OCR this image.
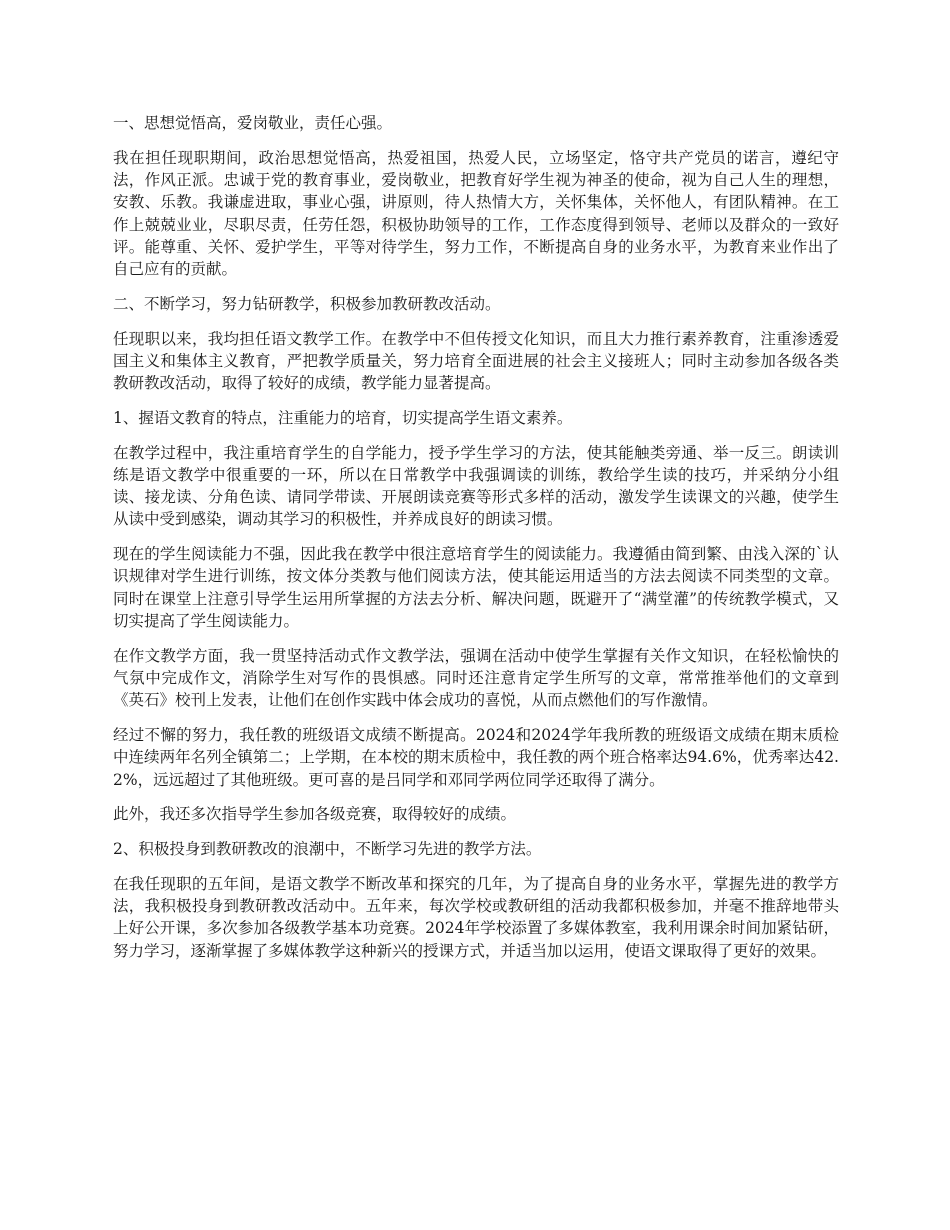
一、思想觉悟高，爱岗敬业，责任心强。

我在担任现职期间，政治思想觉悟高，热爱祖国，热爱人民，立场坚定，恪守共产党员的诺言，遵纪守法，作风正派。忠诚于党的教育事业，爱岗敬业，把教育好学生视为神圣的使命，视为自己人生的理想，安教、乐教。我谦虚进取，事业心强，讲原则，待人热情大方，关怀集体，关怀他人，有团队精神。在工作上兢兢业业，尽职尽责，任劳任怨，积极协助领导的工作，工作态度得到领导、老师以及群众的一致好评。能尊重、关怀、爱护学生，平等对待学生，努力工作，不断提高自身的业务水平，为教育来业作出了自己应有的贡献。

二、不断学习，努力钻研教学，积极参加教研教改活动。

任现职以来，我均担任语文教学工作。在教学中不但传授文化知识，而且大力推行素养教育，注重渗透爱国主义和集体主义教育，严把教学质量关，努力培育全面进展的社会主义接班人；同时主动参加各级各类教研教改活动，取得了较好的成绩，教学能力显著提高。

1、握语文教育的特点，注重能力的培育，切实提高学生语文素养。

在教学过程中，我注重培育学生的自学能力，授予学生学习的方法，使其能触类旁通、举一反三。朗读训练是语文教学中很重要的一环，所以在日常教学中我强调读的训练，教给学生读的技巧，并采纳分小组读、接龙读、分角色读、请同学带读、开展朗读竞赛等形式多样的活动，激发学生读课文的兴趣，使学生从读中受到感染，调动其学习的积极性，并养成良好的朗读习惯。

现在的学生阅读能力不强，因此我在教学中很注意培育学生的阅读能力。我遵循由简到繁、由浅入深的`认识规律对学生进行训练，按文体分类教与他们阅读方法，使其能运用适当的方法去阅读不同类型的文章。同时在课堂上注意引导学生运用所掌握的方法去分析、解决问题，既避开了“满堂灌”的传统教学模式，又切实提高了学生阅读能力。

在作文教学方面，我一贯坚持活动式作文教学法，强调在活动中使学生掌握有关作文知识，在轻松愉快的气氛中完成作文，消除学生对写作的畏惧感。同时还注意肯定学生所写的文章，常常推举他们的文章到《英石》校刊上发表，让他们在创作实践中体会成功的喜悦，从而点燃他们的写作激情。

经过不懈的努力，我任教的班级语文成绩不断提高。2024和2024学年我所教的班级语文成绩在期末质检中连续两年名列全镇第二；上学期，在本校的期末质检中，我任教的两个班合格率达94.6%，优秀率达42.2%，远远超过了其他班级。更可喜的是吕同学和邓同学两位同学还取得了满分。

此外，我还多次指导学生参加各级竞赛，取得较好的成绩。

2、积极投身到教研教改的浪潮中，不断学习先进的教学方法。

在我任现职的五年间，是语文教学不断改革和探究的几年，为了提高自身的业务水平，掌握先进的教学方法，我积极投身到教研教改活动中。五年来，每次学校或教研组的活动我都积极参加，并毫不推辞地带头上好公开课，多次参加各级教学基本功竞赛。2024年学校添置了多媒体教室，我利用课余时间加紧钻研，努力学习，逐渐掌握了多媒体教学这种新兴的授课方式，并适当加以运用，使语文课取得了更好的效果。
